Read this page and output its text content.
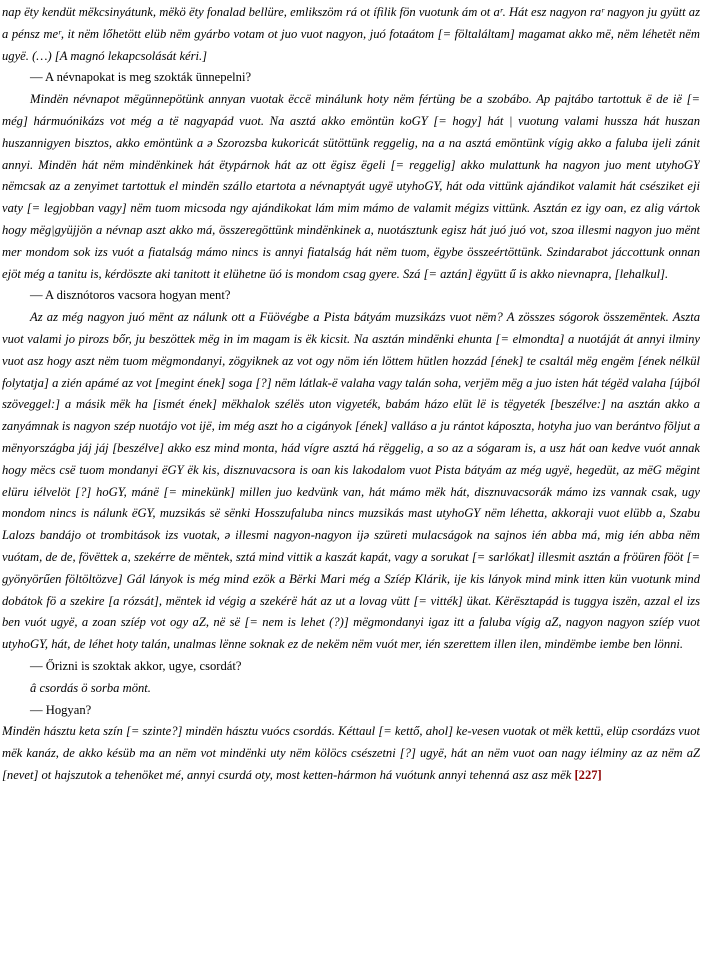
nap ëty kendüt mëkcsinyátunk, mëkö ëty fonalad bellüre, emlikszöm rá ot ífilik fön vuotunk ám ot aʳ. Hát esz nagyon raʳ nagyon ju gyütt az a pénsz meʳ, it nëm lőhetött elüb nëm gyárbo votam ot juo vuot nagyon, juó fotaátom [= föltaláltam] magamat akko më, nëm léhetët nëm ugyë. (…) [A magnó lekapcsolását kéri.]

— A névnapokat is meg szokták ünnepelni?

Mindën névnapot mëgünnepötünk annyan vuotak ëccë minálunk hoty nëm fértüng be a szobábo. Ap pajtábo tartottuk ë de ië [= még] hármuónikázs vot még a të nagyapád vuot. Na asztá akko emöntün koGY [= hogy] hát | vuotung valami hussza hát huszan huszannigyen bisztos, akko emöntünk a ə Szorozsba kukoricát sütöttünk reggelig, na a na asztá emöntünk vígig akko a faluba ijeli zánit annyi. Mindën hát nëm mindënkinek hát ëtypárnok hát az ott ëgisz ëgeli [= reggelig] akko mulattunk ha nagyon juo ment utyhoGY nëmcsak az a zenyimet tartottuk el mindën szállo etartota a névnaptyát ugyë utyhoGY, hát oda vittünk ajándikot valamit hát csésziket eji vaty [= legjobban vagy] nëm tuom micsoda ngy ajándikokat lám mim mámo de valamit mégizs vittünk. Asztán ez igy oan, ez alig vártok hogy mëg|gyüjjön a névnap aszt akko má, összeregöttünk mindënkinek a, nuotásztunk egisz hát juó juó vot, szoa illesmi nagyon juo mënt mer mondom sok izs vuót a fiatalság mámo nincs is annyi fiatalság hát nëm tuom, ëgybe összeértöttünk. Szindarabot jáccottunk onnan ejöt még a tanitu is, kérdöszte aki tanitott it elühetne üó is mondom csag gyere. Szá [= aztán] ëgyütt ű is akko nievnapra, [lehalkul].

— A disznótoros vacsora hogyan ment?

Az az még nagyon juó mënt az nálunk ott a Füövégbe a Pista bátyám muzsikázs vuot nëm? A zösszes sógorok összemëntek. Aszta vuot valami jo pirozs bőr, ju beszöttek mëg in im magam is ëk kicsit. Na asztán mindënki ehunta [= elmondta] a nuotáját át annyi ilminy vuot asz hogy aszt nëm tuom mëgmondanyi, zögyiknek az vot ogy nöm ién löttem hütlen hozzád [ének] te csaltál mëg engëm [ének nélkül folytatja] a zién apámé az vot [megint ének] soga [?] nëm látlak-ë valaha vagy talán soha, verjëm mëg a juo isten hát tégëd valaha [újból szöveggel:] a másik mëk ha [ismét ének] mëkhalok szélës uton vigyeték, babám házo elüt lë is tëgyeték [beszélve:] na asztán akko a zanyámnak is nagyon szép nuotájo vot ijë, im még aszt ho a cigányok [ének] valláso a ju rántot káposzta, hotyha juo van berántvo fõljut a mënyországba jáj jáj [beszélve] akko esz mind monta, hád vígre asztá há rëggelig, a so az a sógaram is, a usz hát oan kedve vuót annak hogy mëcs csë tuom mondanyi ëGY ëk kis, disznuvacsora is oan kis lakodalom vuot Pista bátyám az még ugyë, hegedüt, az mëG mëgint elüru iélvelöt [?] hoGY, mánë [= minekünk] millen juo kedvünk van, hát mámo mëk hát, disznuvacsorák mámo izs vannak csak, ugy mondom nincs is nálunk ëGY, muzsikás së sënki Hosszufaluba nincs muzsikás mast utyhoGY nëm léhetta, akkoraji vuot elübb a, Szabu Lalozs bandájo ot trombitások izs vuotak, ə illesmi nagyon-nagyon ijə szüreti mulacságok na sajnos ién abba má, mig ién abba nëm vuótam, de de, fövëttek a, szekérre de mëntek, sztá mind vittik a kaszát kapát, vagy a sorukat [= sarlókat] illesmit asztán a fröüren fööt [= gyönyörűen föltöltözve] Gál lányok is még mind ezök a Bërki Mari még a Szíép Klárik, ije kis lányok mind mink itten kün vuotunk mind dobátok fö a szekire [a rózsát], mëntek id végig a szekérë hát az ut a lovag vütt [= vitték] ükat. Kërësztapád is tuggya iszën, azzal el izs ben vuót ugyë, a zoan szíép vot ogy aZ, në së [= nem is lehet (?)] mëgmondanyi igaz itt a faluba vígig aZ, nagyon nagyon szíép vuot utyhoGY, hát, de léhet hoty talán, unalmas lënne soknak ez de nekëm nëm vuót mer, ién szerettem illen ilen, mindëmbe iembe ben lönni.

— Őrizni is szoktak akkor, ugye, csordát?

â csordás ö sorba mönt.

— Hogyan?

Mindën hásztu keta szín [= szinte?] mindën hásztu vuócs csordás. Kéttaul [= kettő, ahol] ke-vesen vuotak ot mëk kettü, elüp csordázs vuot mëk kanáz, de akko késüb ma an nëm vot mindënki uty nëm kölöcs csészetni [?] ugyë, hát an nëm vuot oan nagy iélminy az az nëm aZ [nevet] ot hajszutok a tehenöket mé, annyi csurdá oty, most ketten-hármon há vuótunk annyi tehenná asz asz mëk [227]
